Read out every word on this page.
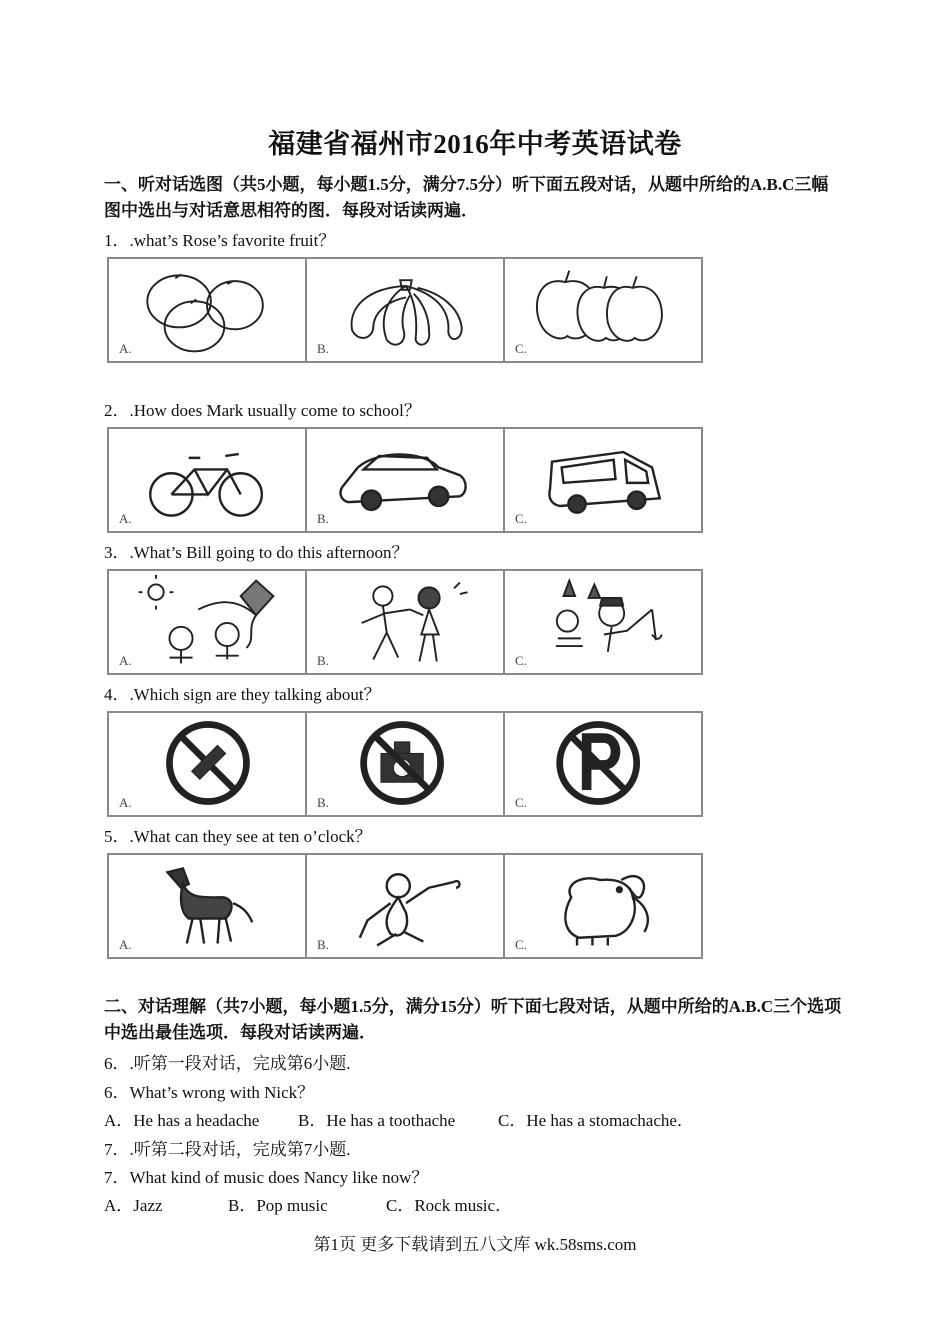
福建省福州市2016年中考英语试卷
一、听对话选图（共5小题，每小题1.5分，满分7.5分）听下面五段对话，从题中所给的A.B.C三幅图中选出与对话意思相符的图．每段对话读两遍．
1．.what’s Rose’s favorite fruit？
A.	B.	C.
2．.How does Mark usually come to school？
A.	B.	C.
3．.What’s Bill going to do this afternoon？
A.	B.	C.
4．.Which sign are they talking about？
A.	B.	C.
5．.What can they see at ten o’clock？
A.	B.	C.
二、对话理解（共7小题，每小题1.5分，满分15分）听下面七段对话，从题中所给的A.B.C三个选项中选出最佳选项．每段对话读两遍．
6．.听第一段对话，完成第6小题.
6．What’s wrong with Nick？
A．He has a headache B．He has a toothache	C．He has a stomachache．
7．.听第二段对话，完成第7小题.
7．What kind of music does Nancy like now？
A．Jazz	B．Pop music	C．Rock music．
第1页 更多下载请到五八文库 wk.58sms.com
